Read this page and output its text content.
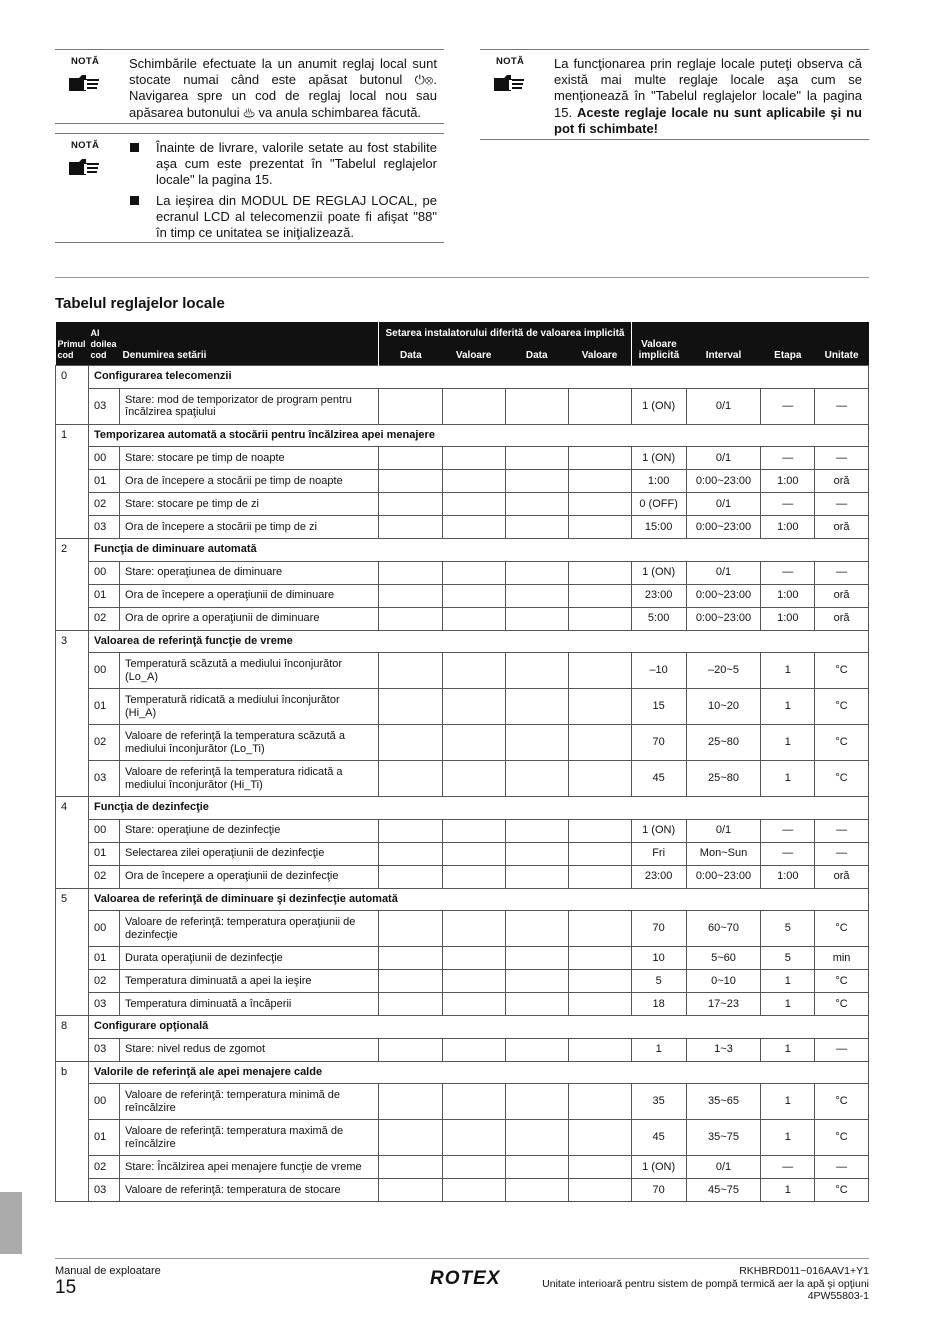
NOTĂ Schimbările efectuate la un anumit reglaj local sunt stocate numai când este apăsat butonul ⏻⊗. Navigarea spre un cod de reglaj local nou sau apăsarea butonului ♨ va anula schimbarea făcută.
NOTĂ	Înainte de livrare, valorile setate au fost stabilite aşa cum este prezentat în "Tabelul reglajelor locale" la pagina 15.
La ieşirea din MODUL DE REGLAJ LOCAL, pe ecranul LCD al telecomenzii poate fi afişat "88" în timp ce unitatea se iniţializează.
NOTĂ La funcţionarea prin reglaje locale puteţi observa că există mai multe reglaje locale aşa cum se menţionează în "Tabelul reglajelor locale" la pagina 15. Aceste reglaje locale nu sunt aplicabile şi nu pot fi schimbate!
Tabelul reglajelor locale
Primul cod	Al doilea cod	Denumirea setării	Setarea instalatorului diferită de valoarea implicită				Valoare implicită	Interval	Etapa	Unitate
			Data	Valoare	Data	Valoare				
0	Configurarea telecomenzii									
	03	Stare: mod de temporizator de program pentru încălzirea spaţiului					1 (ON)	0/1	—	—
1	Temporizarea automată a stocării pentru încălzirea apei menajere									
	00	Stare: stocare pe timp de noapte					1 (ON)	0/1	—	—
	01	Ora de începere a stocării pe timp de noapte					1:00	0:00~23:00	1:00	oră
	02	Stare: stocare pe timp de zi					0 (OFF)	0/1	—	—
	03	Ora de începere a stocării pe timp de zi					15:00	0:00~23:00	1:00	oră
2	Funcţia de diminuare automată									
	00	Stare: operaţiunea de diminuare					1 (ON)	0/1	—	—
	01	Ora de începere a operaţiunii de diminuare					23:00	0:00~23:00	1:00	oră
	02	Ora de oprire a operaţiunii de diminuare					5:00	0:00~23:00	1:00	oră
3	Valoarea de referinţă funcţie de vreme									
	00	Temperatură scăzută a mediului înconjurător (Lo_A)					–10	–20~5	1	°C
	01	Temperatură ridicată a mediului înconjurător (Hi_A)					15	10~20	1	°C
	02	Valoare de referinţă la temperatura scăzută a mediului înconjurător (Lo_Ti)					70	25~80	1	°C
	03	Valoare de referinţă la temperatura ridicată a mediului înconjurător (Hi_Ti)					45	25~80	1	°C
4	Funcţia de dezinfecţie									
	00	Stare: operaţiune de dezinfecţie					1 (ON)	0/1	—	—
	01	Selectarea zilei operaţiunii de dezinfecţie					Fri	Mon~Sun	—	—
	02	Ora de începere a operaţiunii de dezinfecţie					23:00	0:00~23:00	1:00	oră
5	Valoarea de referinţă de diminuare şi dezinfecţie automată									
	00	Valoare de referinţă: temperatura operaţiunii de dezinfecţie					70	60~70	5	°C
	01	Durata operaţiunii de dezinfecţie					10	5~60	5	min
	02	Temperatura diminuată a apei la ieşire					5	0~10	1	°C
	03	Temperatura diminuată a încăperii					18	17~23	1	°C
8	Configurare opţională									
	03	Stare: nivel redus de zgomot					1	1~3	1	—
b	Valorile de referinţă ale apei menajere calde									
	00	Valoare de referinţă: temperatura minimă de reîncălzire					35	35~65	1	°C
	01	Valoare de referinţă: temperatura maximă de reîncălzire					45	35~75	1	°C
	02	Stare: Încălzirea apei menajere funcţie de vreme					1 (ON)	0/1	—	—
	03	Valoare de referinţă: temperatura de stocare					70	45~75	1	°C
Manual de exploatare
15	ROTEX	RKHBRD011~016AAV1+Y1
Unitate interioară pentru sistem de pompă termică aer la apă şi opţiuni
4PW55803-1
